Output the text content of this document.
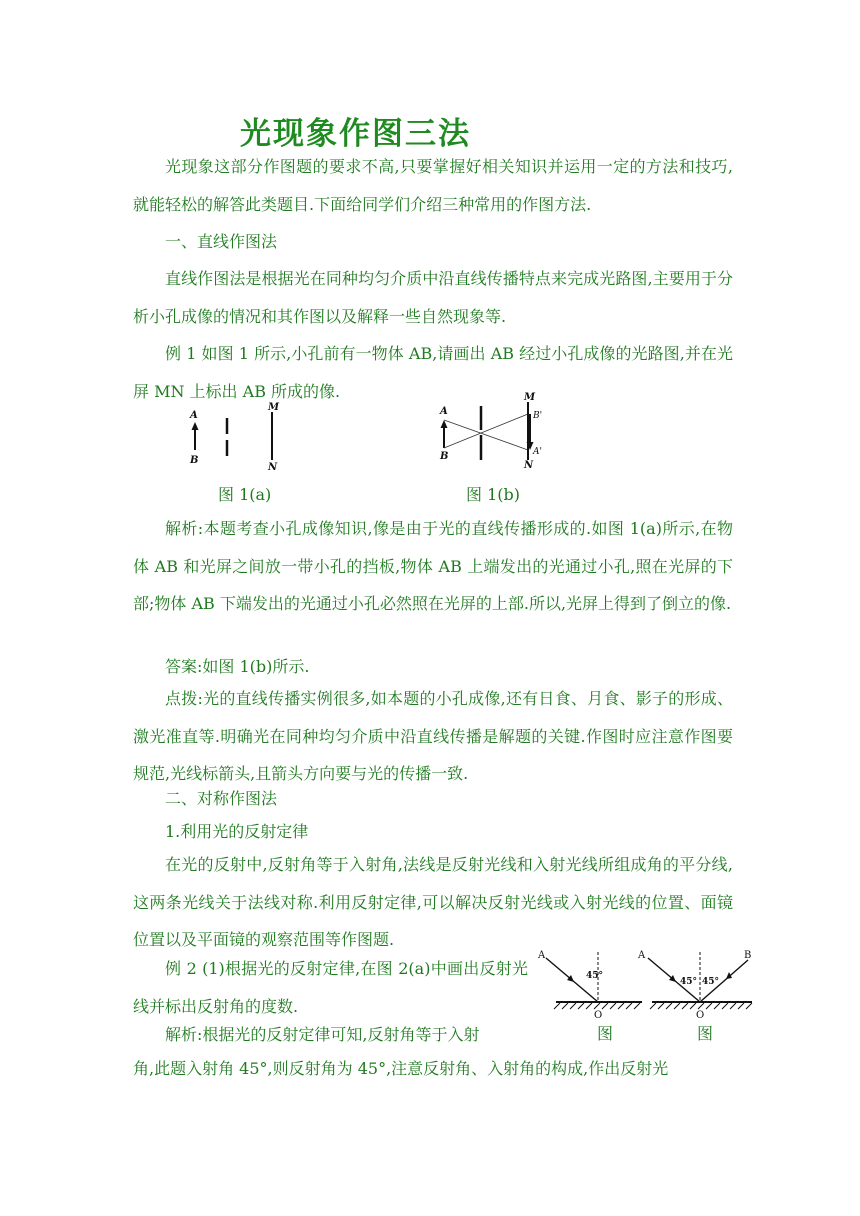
光现象作图三法

光现象这部分作图题的要求不高,只要掌握好相关知识并运用一定的方法和技巧,就能轻松的解答此类题目.下面给同学们介绍三种常用的作图方法.

一、直线作图法

直线作图法是根据光在同种均匀介质中沿直线传播特点来完成光路图,主要用于分析小孔成像的情况和其作图以及解释一些自然现象等.

例 1 如图 1 所示,小孔前有一物体 AB,请画出 AB 经过小孔成像的光路图,并在光屏 MN 上标出 AB 所成的像.

A
B
M
N
A
B
M
B'
A'
N
图 1(a)	图 1(b)

解析:本题考查小孔成像知识,像是由于光的直线传播形成的.如图 1(a)所示,在物体 AB 和光屏之间放一带小孔的挡板,物体 AB 上端发出的光通过小孔,照在光屏的下部;物体 AB 下端发出的光通过小孔必然照在光屏的上部.所以,光屏上得到了倒立的像.

答案:如图 1(b)所示.

点拨:光的直线传播实例很多,如本题的小孔成像,还有日食、月食、影子的形成、激光准直等.明确光在同种均匀介质中沿直线传播是解题的关键.作图时应注意作图要规范,光线标箭头,且箭头方向要与光的传播一致.

二、对称作图法

1.利用光的反射定律

在光的反射中,反射角等于入射角,法线是反射光线和入射光线所组成角的平分线,这两条光线关于法线对称.利用反射定律,可以解决反射光线或入射光线的位置、面镜位置以及平面镜的观察范围等作图题.

例 2 (1)根据光的反射定律,在图 2(a)中画出反射光线并标出反射角的度数.

解析:根据光的反射定律可知,反射角等于入射

角,此题入射角 45°,则反射角为 45°,注意反射角、入射角的构成,作出反射光

A
45°
O
A
45° 45°
B
O
图	图
